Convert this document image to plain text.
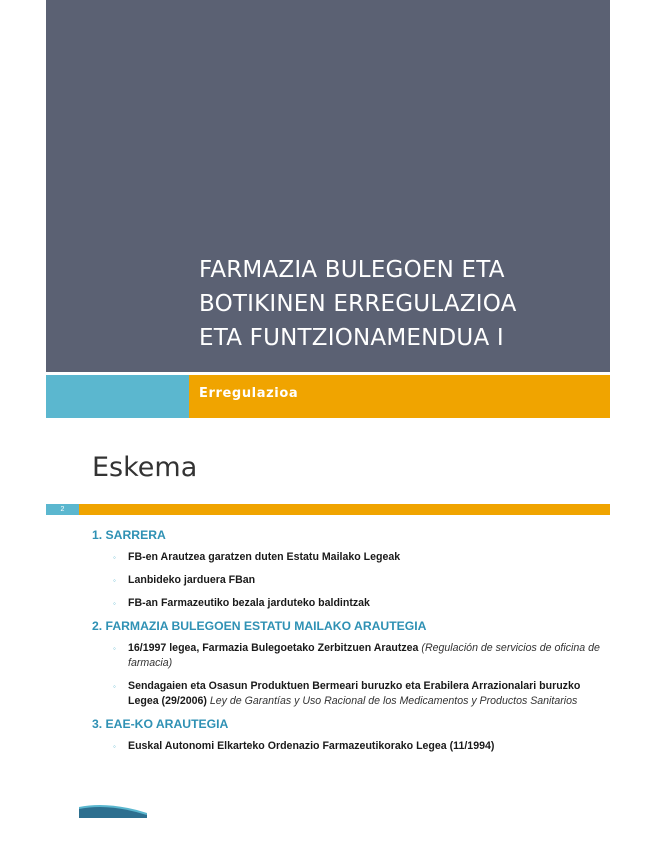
FARMAZIA BULEGOEN ETA
BOTIKINEN ERREGULAZIOA
ETA FUNTZIONAMENDUA I
Erregulazioa
Eskema
2
1. SARRERA
◦ FB-en Arautzea garatzen duten Estatu Mailako Legeak
◦ Lanbideko jarduera FBan
◦ FB-an Farmazeutiko bezala jarduteko baldintzak
2. FARMAZIA BULEGOEN ESTATU MAILAKO ARAUTEGIA
◦ 16/1997 legea, Farmazia Bulegoetako Zerbitzuen Arautzea (Regulación de servicios de oficina de farmacia)
◦ Sendagaien eta Osasun Produktuen Bermeari buruzko eta Erabilera Arrazionalari buruzko Legea (29/2006) Ley de Garantías y Uso Racional de los Medicamentos y Productos Sanitarios
3. EAE-KO ARAUTEGIA
◦ Euskal Autonomi Elkarteko Ordenazio Farmazeutikorako Legea (11/1994)
